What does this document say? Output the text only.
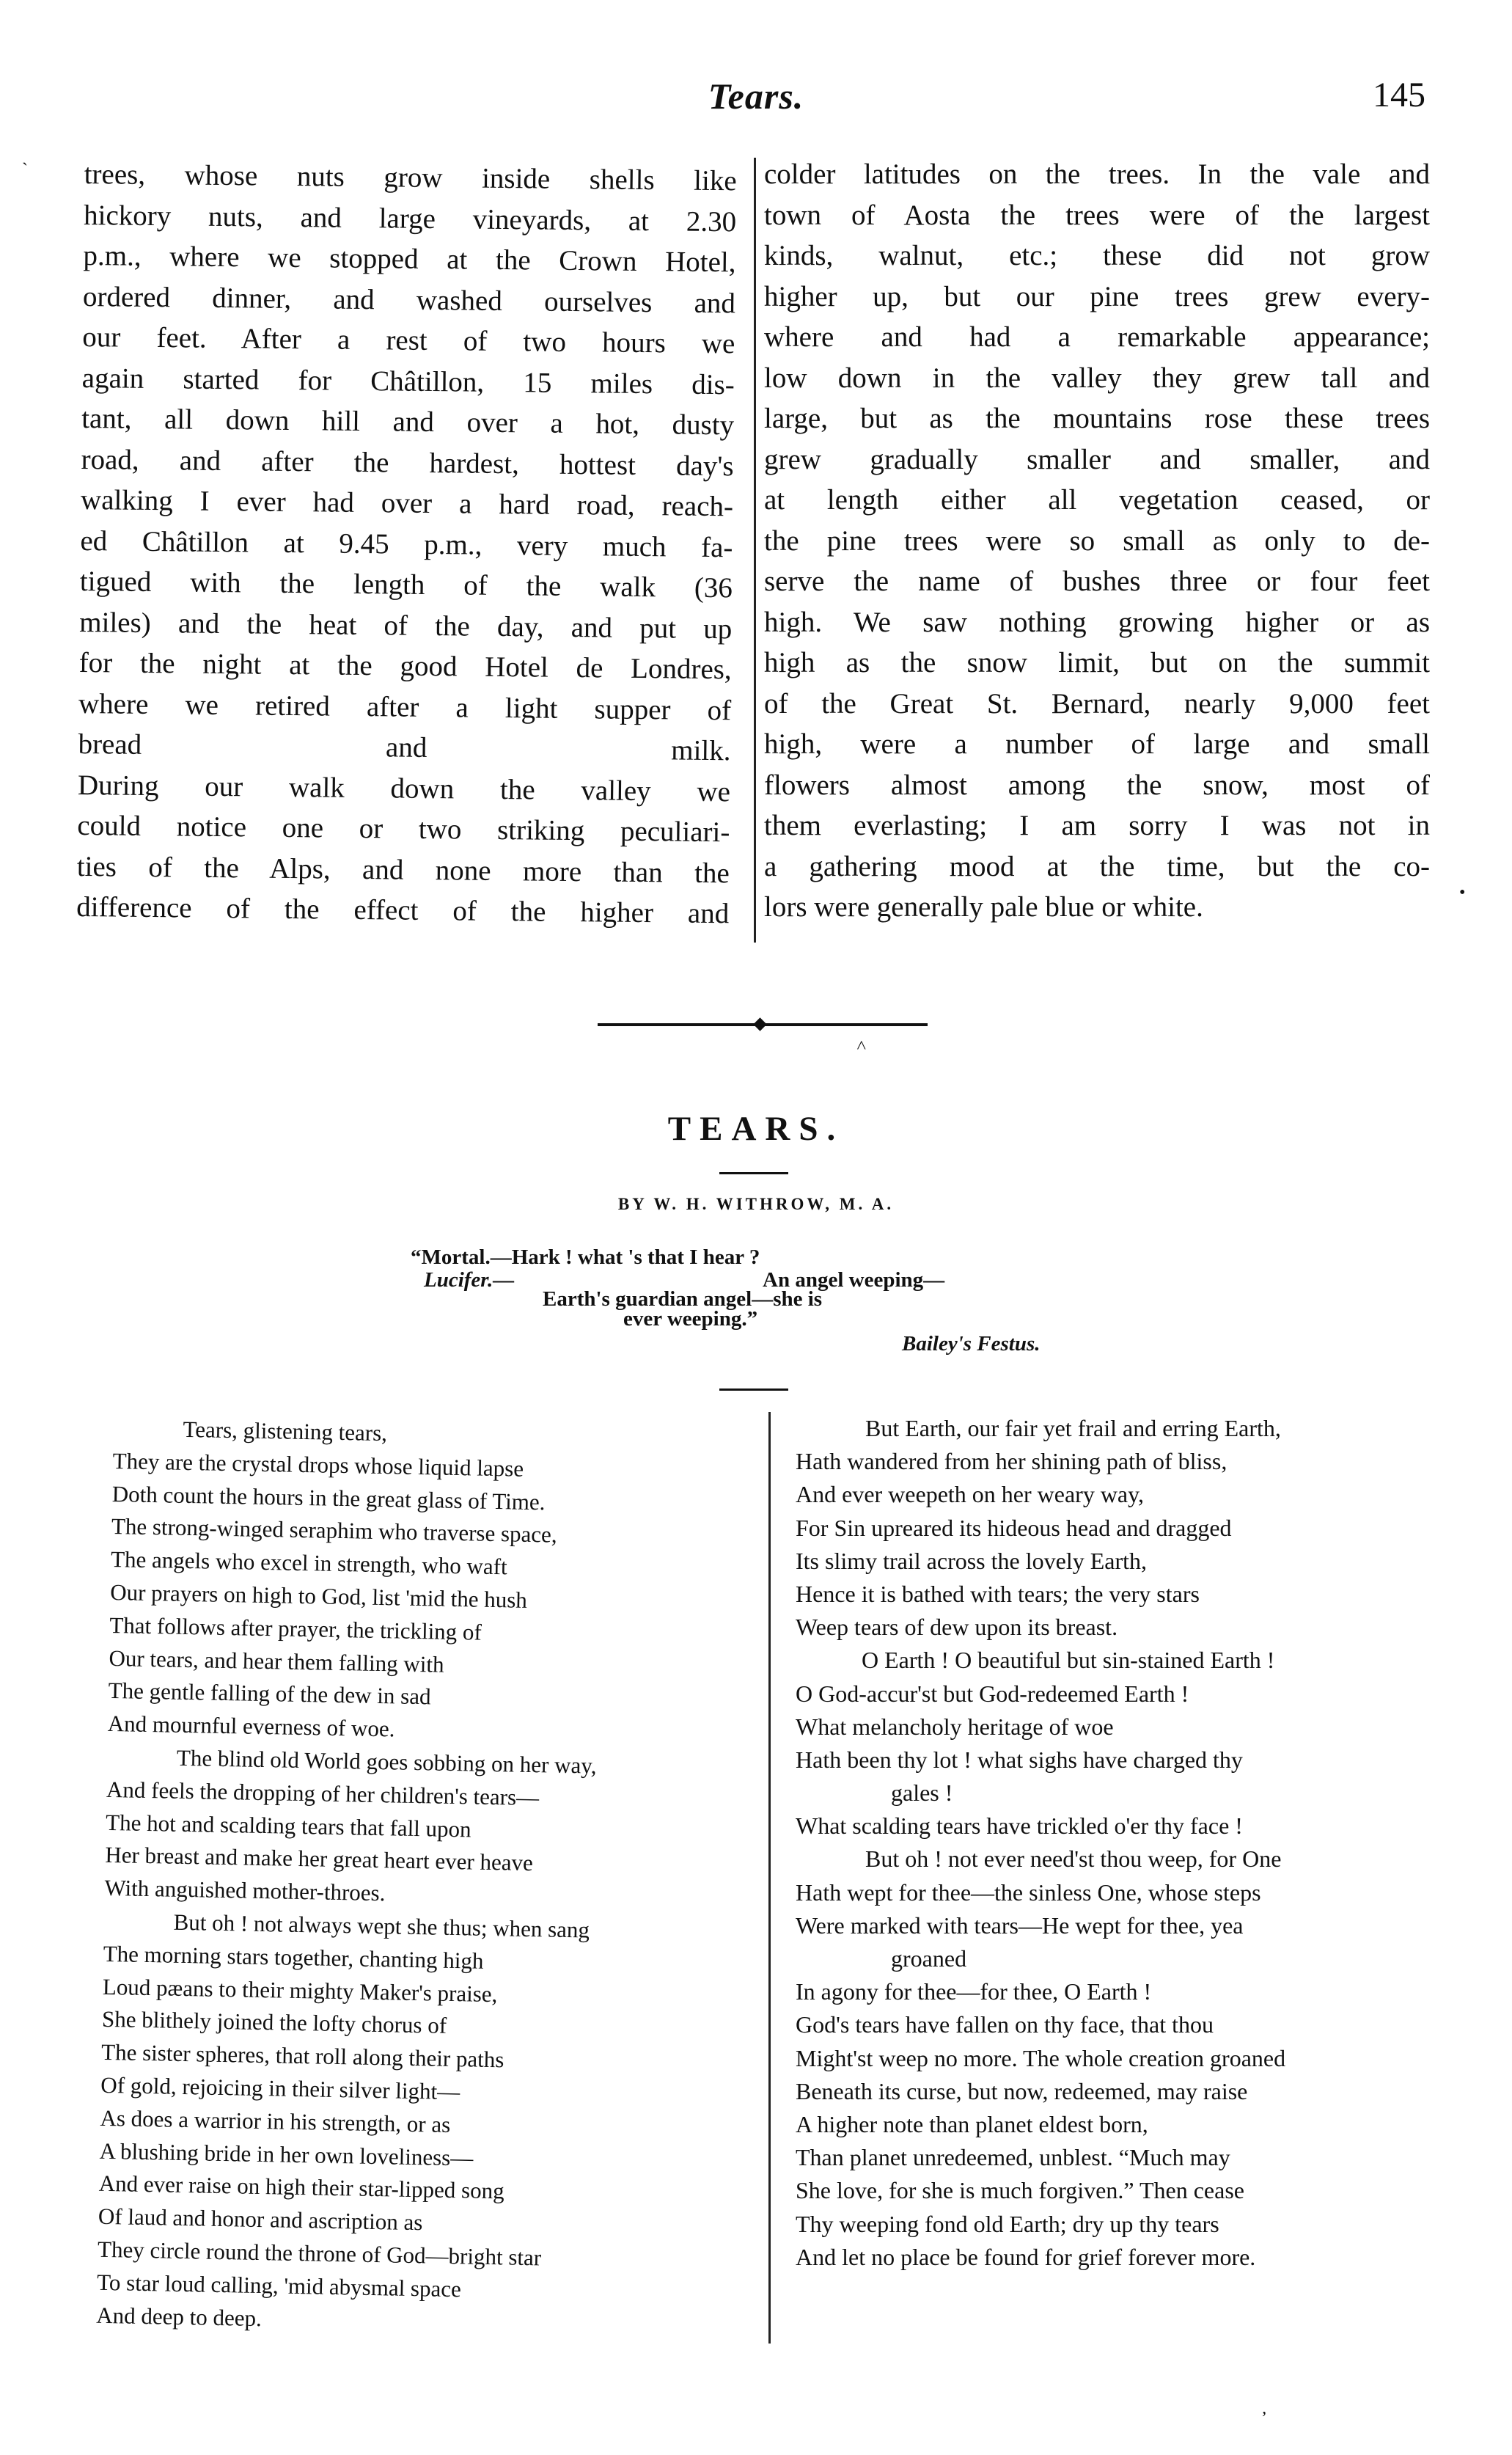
Tears.	145
`
•
˄
ʼ
trees, whose nuts grow inside shells like
hickory nuts, and large vineyards, at 2.30
p.m., where we stopped at the Crown Hotel,
ordered dinner, and washed ourselves and
our feet. After a rest of two hours we
again started for Châtillon, 15 miles dis-
tant, all down hill and over a hot, dusty
road, and after the hardest, hottest day's
walking I ever had over a hard road, reach-
ed Châtillon at 9.45 p.m., very much fa-
tigued with the length of the walk (36
miles) and the heat of the day, and put up
for the night at the good Hotel de Londres,
where we retired after a light supper of
bread and milk.
During our walk down the valley we
could notice one or two striking peculiari-
ties of the Alps, and none more than the
difference of the effect of the higher and
colder latitudes on the trees. In the vale and
town of Aosta the trees were of the largest
kinds, walnut, etc.; these did not grow
higher up, but our pine trees grew every-
where and had a remarkable appearance;
low down in the valley they grew tall and
large, but as the mountains rose these trees
grew gradually smaller and smaller, and
at length either all vegetation ceased, or
the pine trees were so small as only to de-
serve the name of bushes three or four feet
high. We saw nothing growing higher or as
high as the snow limit, but on the summit
of the Great St. Bernard, nearly 9,000 feet
high, were a number of large and small
flowers almost among the snow, most of
them everlasting; I am sorry I was not in
a gathering mood at the time, but the co-
lors were generally pale blue or white.
TEARS.
BY W. H. WITHROW, M. A.
“Mortal.—Hark ! what 's that I hear ?
Lucifer.—	An angel weeping—
Earth's guardian angel—she is
ever weeping.”
Bailey's Festus.
Tears, glistening tears,
They are the crystal drops whose liquid lapse
Doth count the hours in the great glass of Time.
The strong-winged seraphim who traverse space,
The angels who excel in strength, who waft
Our prayers on high to God, list 'mid the hush
That follows after prayer, the trickling of
Our tears, and hear them falling with
The gentle falling of the dew in sad
And mournful everness of woe.
The blind old World goes sobbing on her way,
And feels the dropping of her children's tears—
The hot and scalding tears that fall upon
Her breast and make her great heart ever heave
With anguished mother-throes.
But oh ! not always wept she thus; when sang
The morning stars together, chanting high
Loud pæans to their mighty Maker's praise,
She blithely joined the lofty chorus of
The sister spheres, that roll along their paths
Of gold, rejoicing in their silver light—
As does a warrior in his strength, or as
A blushing bride in her own loveliness—
And ever raise on high their star-lipped song
Of laud and honor and ascription as
They circle round the throne of God—bright star
To star loud calling, 'mid abysmal space
And deep to deep.
But Earth, our fair yet frail and erring Earth,
Hath wandered from her shining path of bliss,
And ever weepeth on her weary way,
For Sin upreared its hideous head and dragged
Its slimy trail across the lovely Earth,
Hence it is bathed with tears; the very stars
Weep tears of dew upon its breast.
O Earth ! O beautiful but sin-stained Earth !
O God-accur'st but God-redeemed Earth !
What melancholy heritage of woe
Hath been thy lot ! what sighs have charged thy
gales !
What scalding tears have trickled o'er thy face !
But oh ! not ever need'st thou weep, for One
Hath wept for thee—the sinless One, whose steps
Were marked with tears—He wept for thee, yea
groaned
In agony for thee—for thee, O Earth !
God's tears have fallen on thy face, that thou
Might'st weep no more. The whole creation groaned
Beneath its curse, but now, redeemed, may raise
A higher note than planet eldest born,
Than planet unredeemed, unblest. “Much may
She love, for she is much forgiven.” Then cease
Thy weeping fond old Earth; dry up thy tears
And let no place be found for grief forever more.
